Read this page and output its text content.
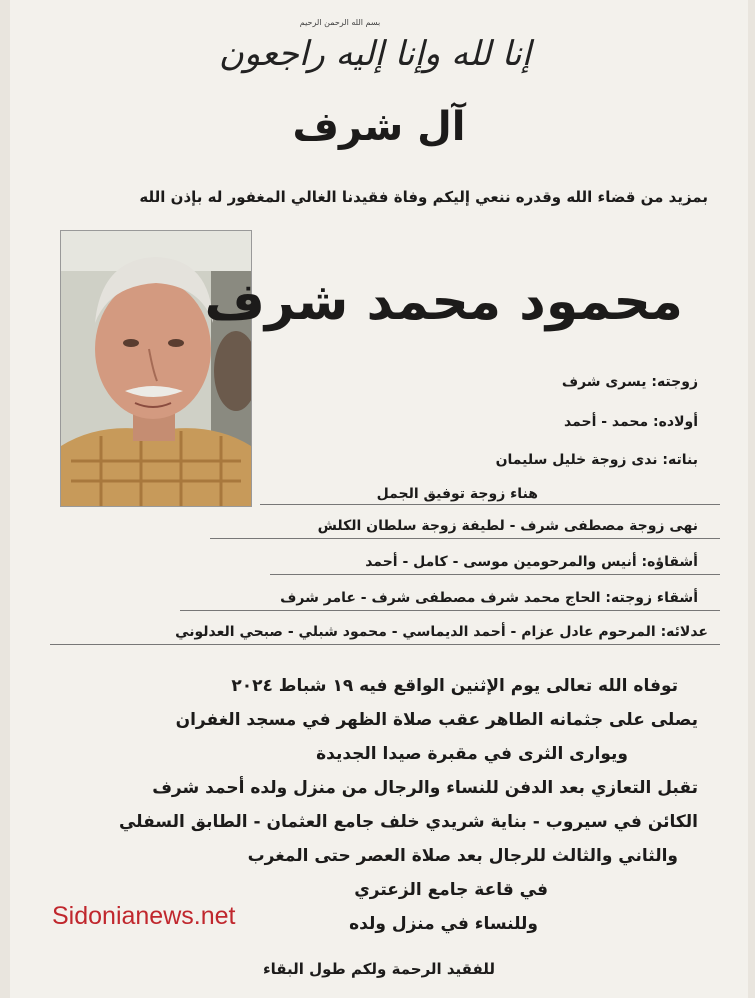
بسم الله الرحمن الرحيم
إنا لله وإنا إليه راجعون
آل شرف
بمزيد من قضاء الله وقدره ننعي إليكم وفاة فقيدنا الغالي المغفور له بإذن الله
محمود محمد شرف
زوجته: يسرى شرف
أولاده: محمد - أحمد
بناته: ندى زوجة خليل سليمان
هناء زوجة توفيق الجمل
نهى زوجة مصطفى شرف - لطيفة زوجة سلطان الكلش
أشقاؤه: أنيس والمرحومين موسى - كامل - أحمد
أشقاء زوجته: الحاج محمد شرف مصطفى شرف - عامر شرف
عدلائه: المرحوم عادل عزام - أحمد الديماسي - محمود شبلي - صبحي العدلوني
توفاه الله تعالى يوم الإثنين الواقع فيه ١٩ شباط ٢٠٢٤
يصلى على جثمانه الطاهر عقب صلاة الظهر في مسجد الغفران
ويوارى الثرى في مقبرة صيدا الجديدة
تقبل التعازي بعد الدفن للنساء والرجال من منزل ولده أحمد شرف
الكائن في سيروب - بناية شريدي خلف جامع العثمان - الطابق السفلي
والثاني والثالث للرجال بعد صلاة العصر حتى المغرب
في قاعة جامع الزعتري
وللنساء في منزل ولده
Sidonianews.net
للفقيد الرحمة ولكم طول البقاء
